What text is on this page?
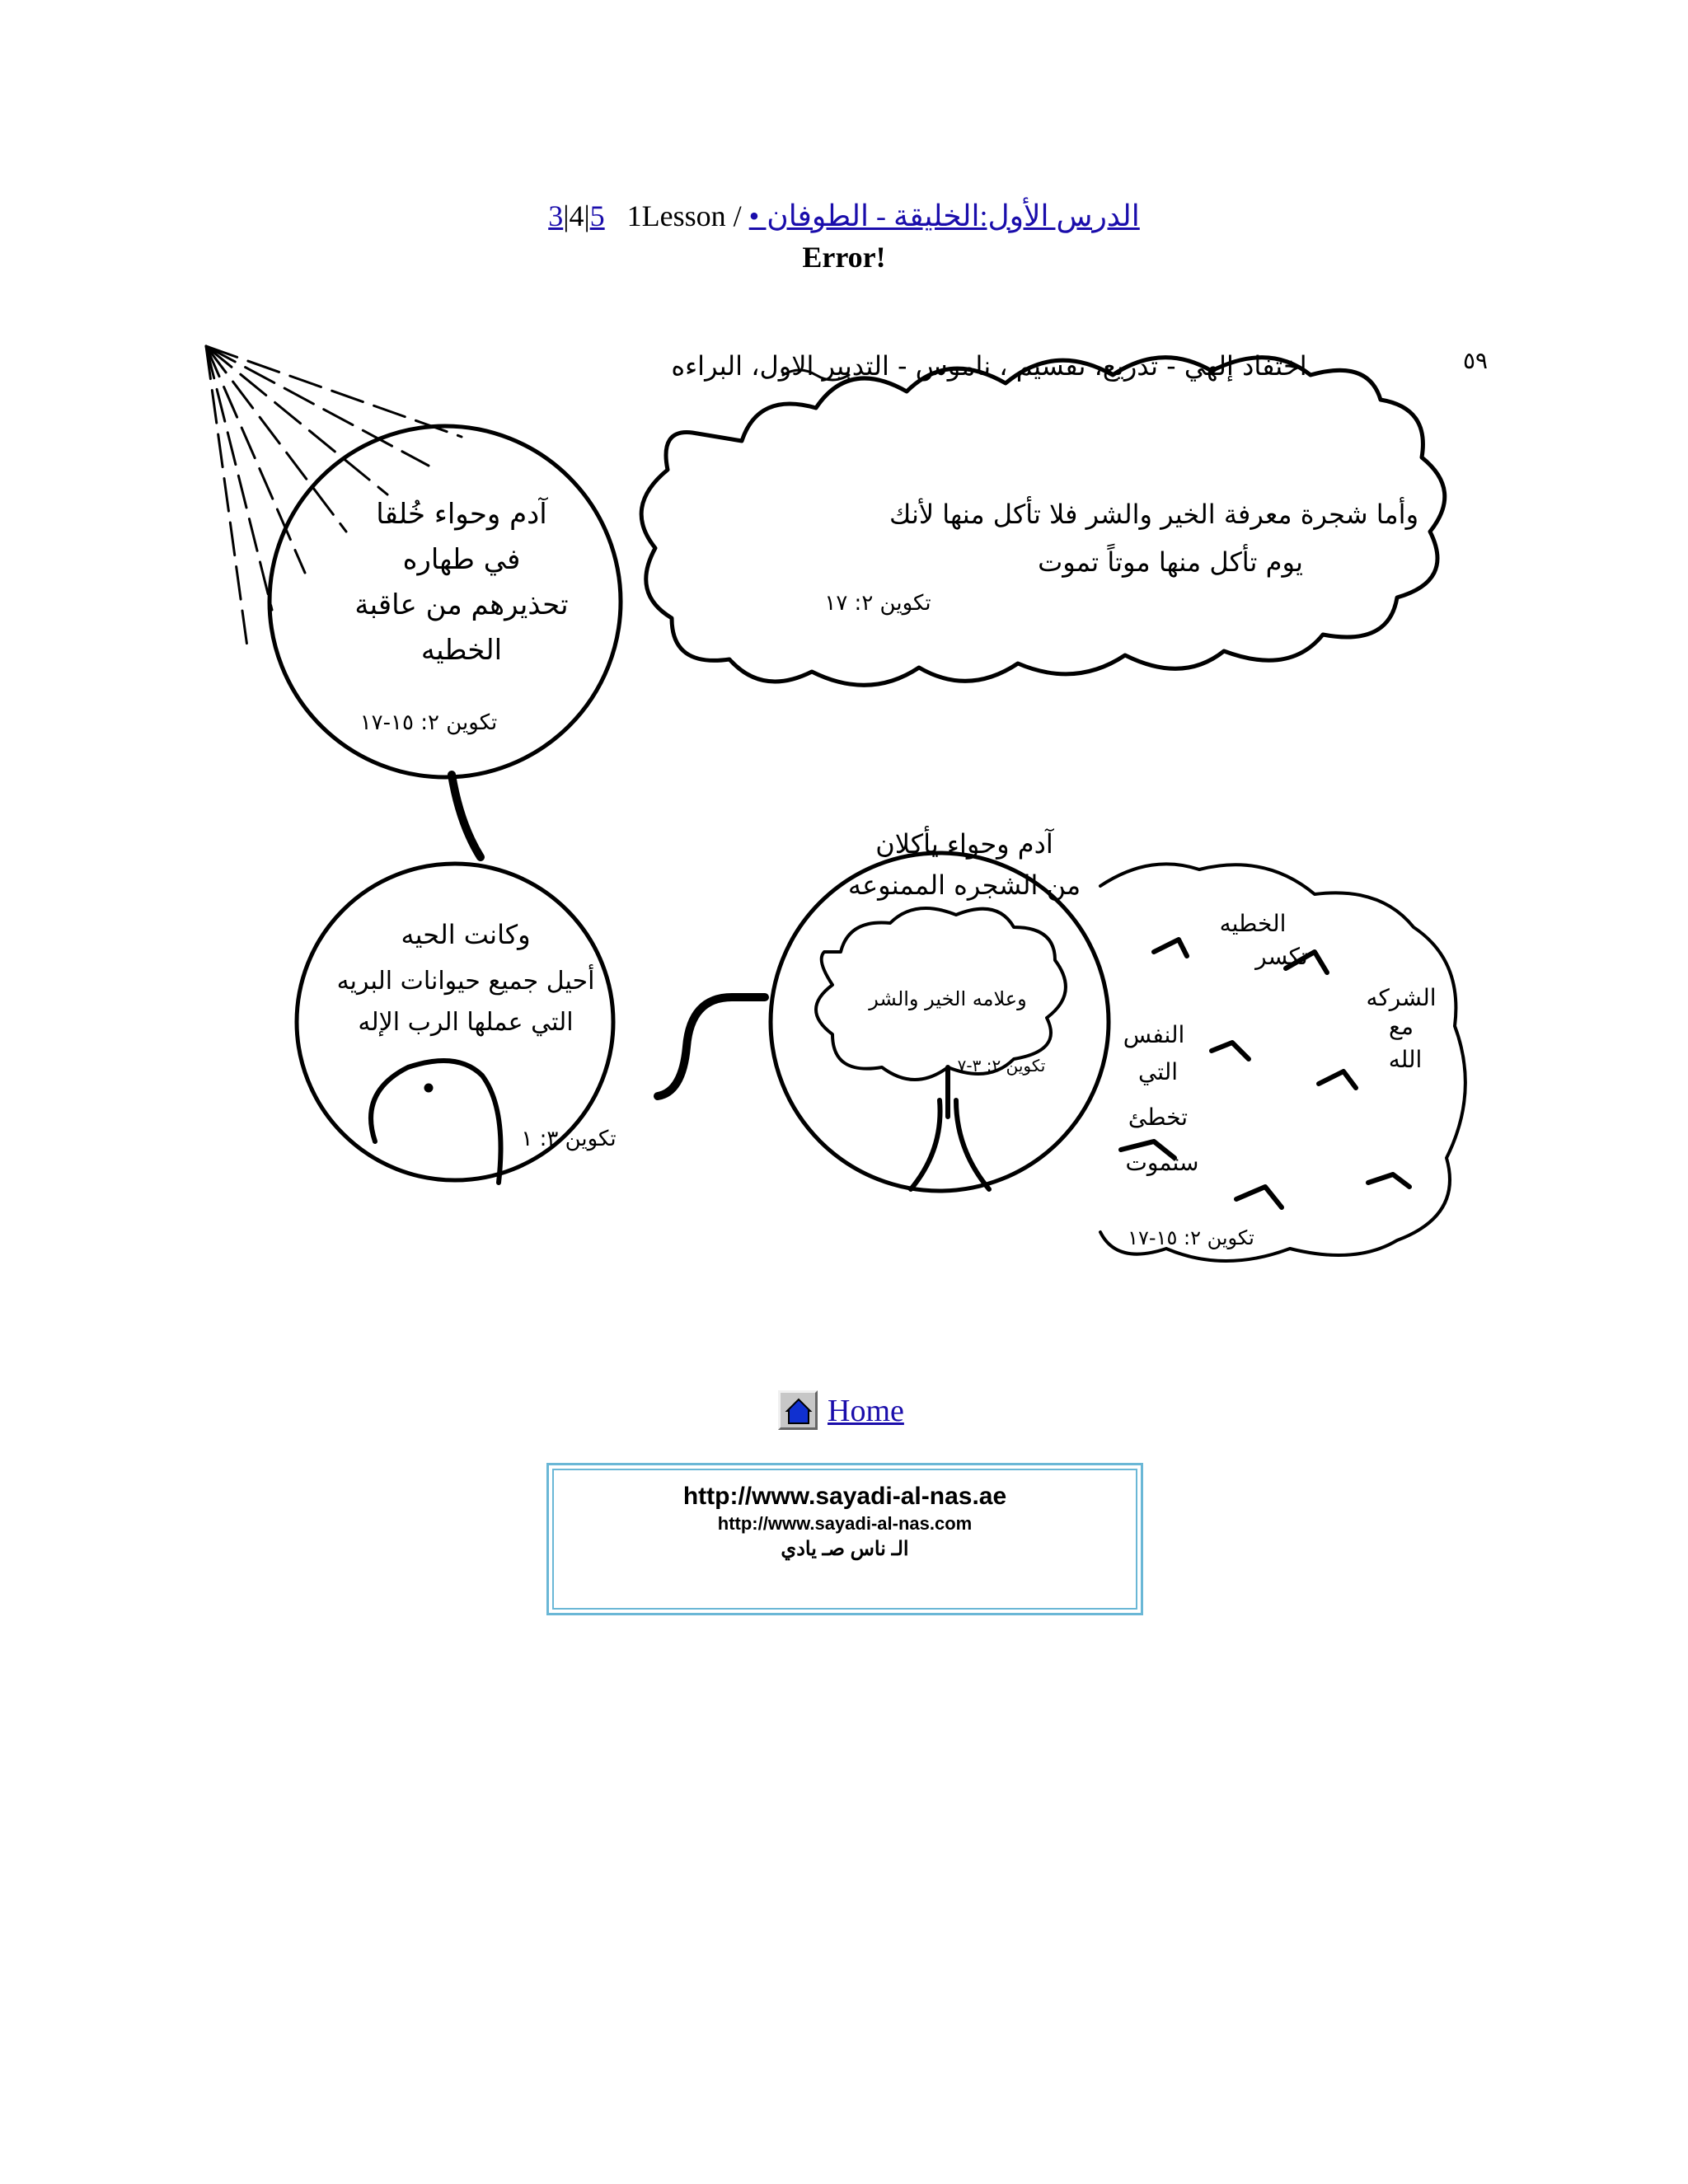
3|4|5 1Lesson / الدرس الأول:الخليقة - الطوفان •
Error!
اختفاد إلهي - تدزيع، تقسيم ، ناموس - التدبير الاول، البراءه	٥٩
آدم وحواء خُلقا
في طهاره
تحذيرهم من عاقبة
الخطيه
تكوين ٢: ١٥-١٧
وأما شجرة معرفة الخير والشر فلا تأكل منها لأنك
يوم تأكل منها موتاً تموت
تكوين ٢: ١٧
وكانت الحيه
أحيل جميع حيوانات البريه
التي عملها الرب الإله
تكوين ٣: ١
آدم وحواء يأكلان
من الشجره الممنوعه
وعلامه الخير والشر
تكوين ٢: ٣-٧
الخطيه
تكسر
الشركه
مع
الله
النفس
التي
تخطئ
ستموت
تكوين ٢: ١٥-١٧
Home
http://www.sayadi-al-nas.ae
http://www.sayadi-al-nas.com
الـ ناس صـ يادي
